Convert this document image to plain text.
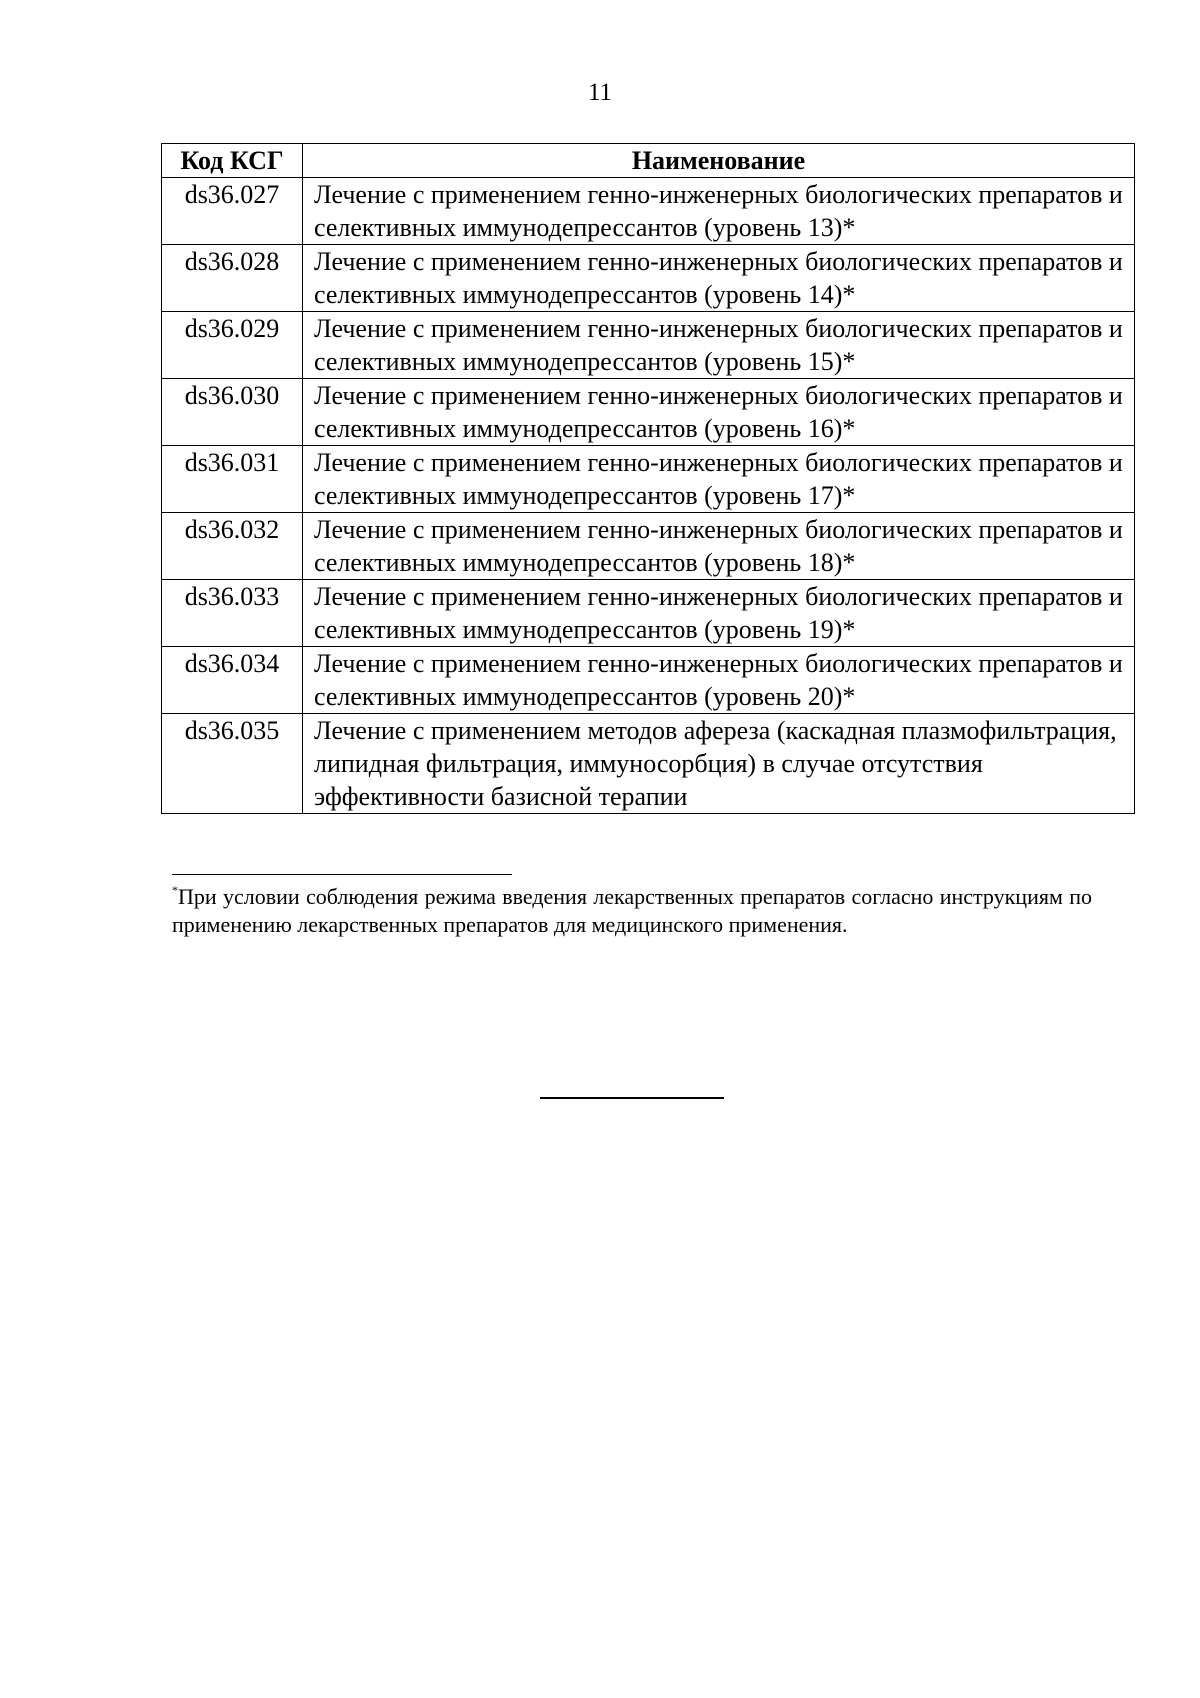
11
Код КСГ	Наименование
ds36.027	Лечение с применением генно-инженерных биологических препаратов и селективных иммунодепрессантов (уровень 13)*
ds36.028	Лечение с применением генно-инженерных биологических препаратов и селективных иммунодепрессантов (уровень 14)*
ds36.029	Лечение с применением генно-инженерных биологических препаратов и селективных иммунодепрессантов (уровень 15)*
ds36.030	Лечение с применением генно-инженерных биологических препаратов и селективных иммунодепрессантов (уровень 16)*
ds36.031	Лечение с применением генно-инженерных биологических препаратов и селективных иммунодепрессантов (уровень 17)*
ds36.032	Лечение с применением генно-инженерных биологических препаратов и селективных иммунодепрессантов (уровень 18)*
ds36.033	Лечение с применением генно-инженерных биологических препаратов и селективных иммунодепрессантов (уровень 19)*
ds36.034	Лечение с применением генно-инженерных биологических препаратов и селективных иммунодепрессантов (уровень 20)*
ds36.035	Лечение с применением методов афереза (каскадная плазмофильтрация, липидная фильтрация, иммуносорбция) в случае отсутствия эффективности базисной терапии
*При условии соблюдения режима введения лекарственных препаратов согласно инструкциям по применению лекарственных препаратов для медицинского применения.
